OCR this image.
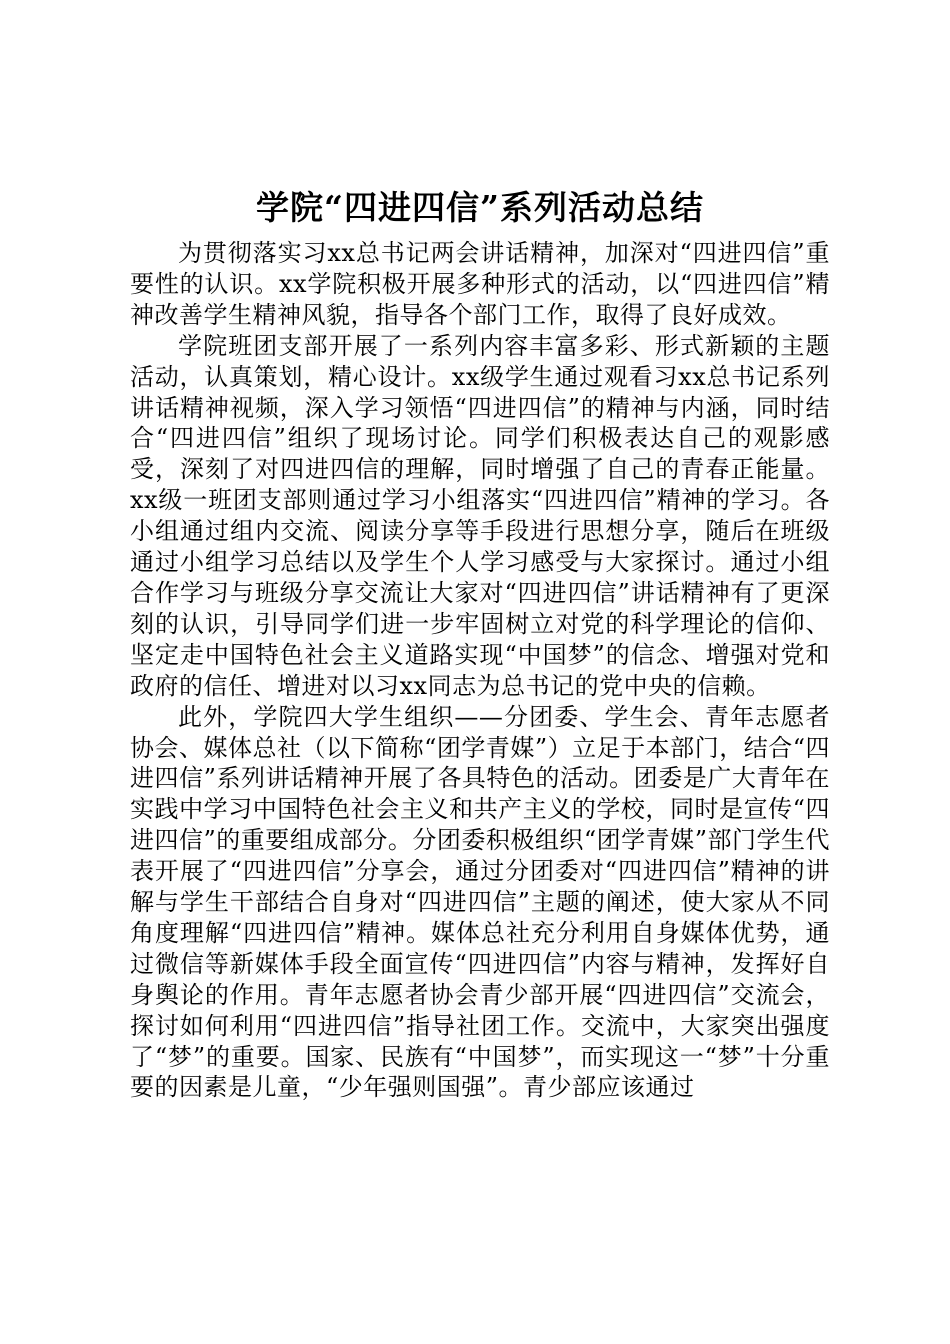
学院“四进四信”系列活动总结

为贯彻落实习xx总书记两会讲话精神，加深对“四进四信”重要性的认识。xx学院积极开展多种形式的活动，以“四进四信”精神改善学生精神风貌，指导各个部门工作，取得了良好成效。

学院班团支部开展了一系列内容丰富多彩、形式新颖的主题活动，认真策划，精心设计。xx级学生通过观看习xx总书记系列讲话精神视频，深入学习领悟“四进四信”的精神与内涵，同时结合“四进四信”组织了现场讨论。同学们积极表达自己的观影感受，深刻了对四进四信的理解，同时增强了自己的青春正能量。xx级一班团支部则通过学习小组落实“四进四信”精神的学习。各小组通过组内交流、阅读分享等手段进行思想分享，随后在班级通过小组学习总结以及学生个人学习感受与大家探讨。通过小组合作学习与班级分享交流让大家对“四进四信”讲话精神有了更深刻的认识，引导同学们进一步牢固树立对党的科学理论的信仰、坚定走中国特色社会主义道路实现“中国梦”的信念、增强对党和政府的信任、增进对以习xx同志为总书记的党中央的信赖。

此外，学院四大学生组织——分团委、学生会、青年志愿者协会、媒体总社（以下简称“团学青媒”）立足于本部门，结合“四进四信”系列讲话精神开展了各具特色的活动。团委是广大青年在实践中学习中国特色社会主义和共产主义的学校，同时是宣传“四进四信”的重要组成部分。分团委积极组织“团学青媒”部门学生代表开展了“四进四信”分享会，通过分团委对“四进四信”精神的讲解与学生干部结合自身对“四进四信”主题的阐述，使大家从不同角度理解“四进四信”精神。媒体总社充分利用自身媒体优势，通过微信等新媒体手段全面宣传“四进四信”内容与精神，发挥好自身舆论的作用。青年志愿者协会青少部开展“四进四信”交流会，探讨如何利用“四进四信”指导社团工作。交流中，大家突出强度了“梦”的重要。国家、民族有“中国梦”，而实现这一“梦”十分重要的因素是儿童，“少年强则国强”。青少部应该通过
